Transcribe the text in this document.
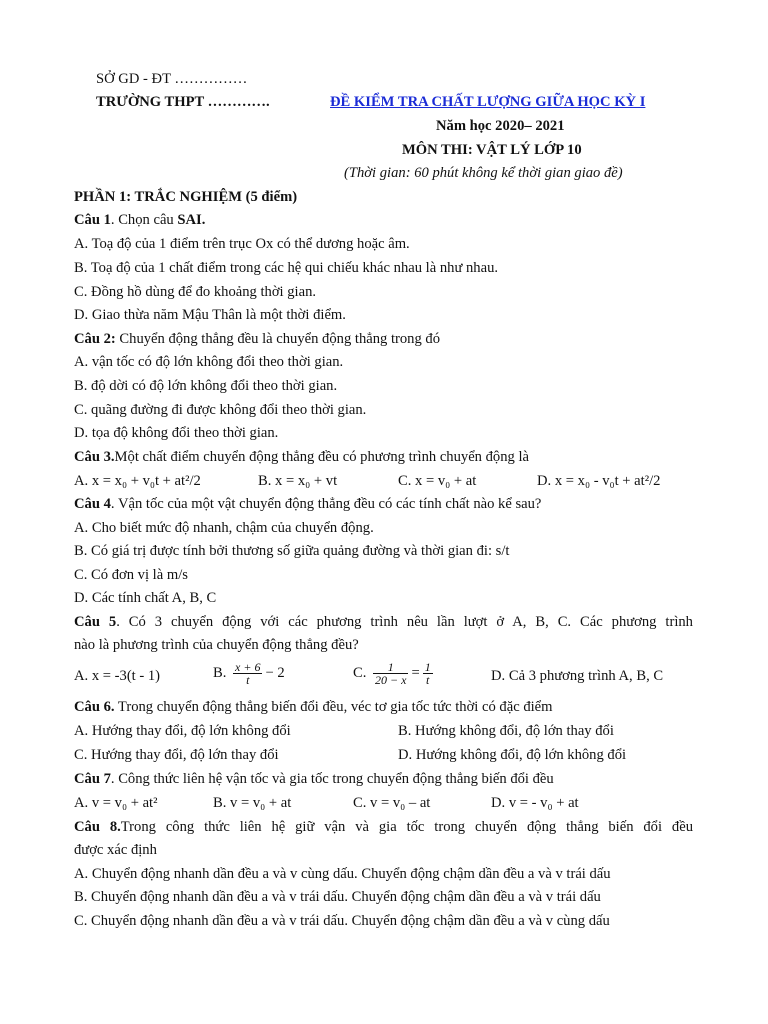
SỞ GD - ĐT ……………
TRƯỜNG THPT ………….	ĐỀ KIỂM TRA CHẤT LƯỢNG GIỮA HỌC KỲ I
Năm học 2020– 2021
MÔN THI: VẬT LÝ LỚP 10
(Thời gian: 60 phút không kể thời gian giao đề)
PHẦN 1: TRẮC NGHIỆM (5 điểm)
Câu 1. Chọn câu SAI.
A. Toạ độ của 1 điểm trên trục Ox có thể dương hoặc âm.
B. Toạ độ của 1 chất điểm trong các hệ qui chiếu khác nhau là như nhau.
C. Đồng hồ dùng để đo khoảng thời gian.
D. Giao thừa năm Mậu Thân là một thời điểm.
Câu 2: Chuyển động thẳng đều là chuyển động thẳng trong đó
A. vận tốc có độ lớn không đổi theo thời gian.
B. độ dời có độ lớn không đổi theo thời gian.
C. quãng đường đi được không đổi theo thời gian.
D. tọa độ không đổi theo thời gian.
Câu 3.Một chất điểm chuyển động thẳng đều có phương trình chuyển động là
A. x = x₀ + v₀t + at²/2	B. x = x₀ + vt	C. x = v₀ + at	D. x = x₀ - v₀t + at²/2
Câu 4. Vận tốc của một vật chuyển động thẳng đều có các tính chất nào kể sau?
A. Cho biết mức độ nhanh, chậm của chuyển động.
B. Có giá trị được tính bởi thương số giữa quảng đường và thời gian đi: s/t
C. Có đơn vị là m/s
D. Các tính chất A, B, C
Câu 5. Có 3 chuyển động với các phương trình nêu lần lượt ở A, B, C. Các phương trình
nào là phương trình của chuyển động thẳng đều?
A. x = -3(t - 1)	B. $\frac{x + 6}{t} - 2$	C. $\frac{1}{20 - x} = \frac{1}{t}$	D. Cả 3 phương trình A, B, C
Câu 6. Trong chuyển động thẳng biến đổi đều, véc tơ gia tốc tức thời có đặc điểm
A. Hướng thay đổi, độ lớn không đổi	B. Hướng không đổi, độ lớn thay đổi
C. Hướng thay đổi, độ lớn thay đổi	D. Hướng không đổi, độ lớn không đổi
Câu 7. Công thức liên hệ vận tốc và gia tốc trong chuyển động thẳng biến đổi đều
A. v = v₀ + at²	B. v = v₀ + at	C. v = v₀ – at	D. v = - v₀ + at
Câu 8.Trong công thức liên hệ giữ vận và gia tốc trong chuyển động thẳng biến đổi đều
được xác định
A. Chuyển động nhanh dần đều a và v cùng dấu. Chuyển động chậm dần đều a và v trái dấu
B. Chuyển động nhanh dần đều a và v trái dấu. Chuyển động chậm dần đều a và v trái dấu
C. Chuyển động nhanh dần đều a và v trái dấu. Chuyển động chậm dần đều a và v cùng dấu
